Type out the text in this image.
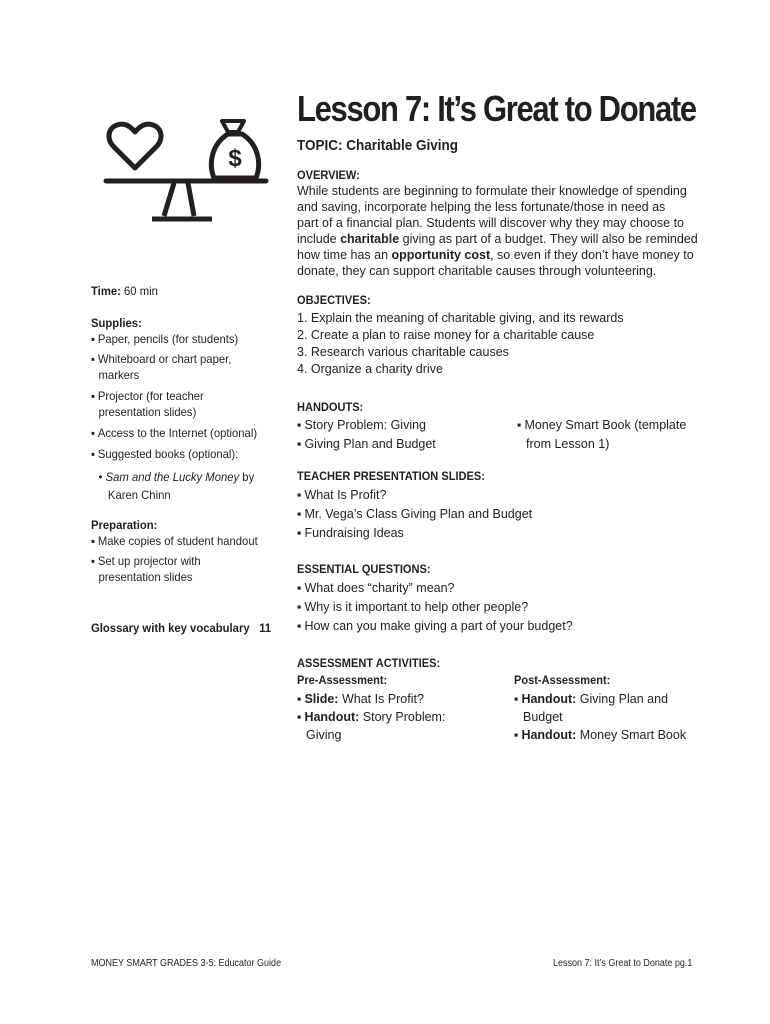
$
Lesson 7: It’s Great to Donate
TOPIC: Charitable Giving
OVERVIEW:
While students are beginning to formulate their knowledge of spending
and saving, incorporate helping the less fortunate/those in need as
part of a financial plan. Students will discover why they may choose to
include charitable giving as part of a budget. They will also be reminded
how time has an opportunity cost, so even if they don’t have money to
donate, they can support charitable causes through volunteering.
Time: 60 min
Supplies:
▪ Paper, pencils (for students)
▪ Whiteboard or chart paper,
markers
▪ Projector (for teacher
presentation slides)
▪ Access to the Internet (optional)
▪ Suggested books (optional):
• Sam and the Lucky Money by
Karen Chinn
Preparation:
▪ Make copies of student handout
▪ Set up projector with
presentation slides
Glossary with key vocabulary 11
OBJECTIVES:
1. Explain the meaning of charitable giving, and its rewards
2. Create a plan to raise money for a charitable cause
3. Research various charitable causes
4. Organize a charity drive
HANDOUTS:
▪ Story Problem: Giving
▪ Giving Plan and Budget
▪ Money Smart Book (template
from Lesson 1)
TEACHER PRESENTATION SLIDES:
▪ What Is Profit?
▪ Mr. Vega’s Class Giving Plan and Budget
▪ Fundraising Ideas
ESSENTIAL QUESTIONS:
▪ What does “charity” mean?
▪ Why is it important to help other people?
▪ How can you make giving a part of your budget?
ASSESSMENT ACTIVITIES:
Pre-Assessment:
▪ Slide: What Is Profit?
▪ Handout: Story Problem:
Giving
Post-Assessment:
▪ Handout: Giving Plan and
Budget
▪ Handout: Money Smart Book
MONEY SMART GRADES 3-5: Educator Guide	Lesson 7: It’s Great to Donate pg.1
